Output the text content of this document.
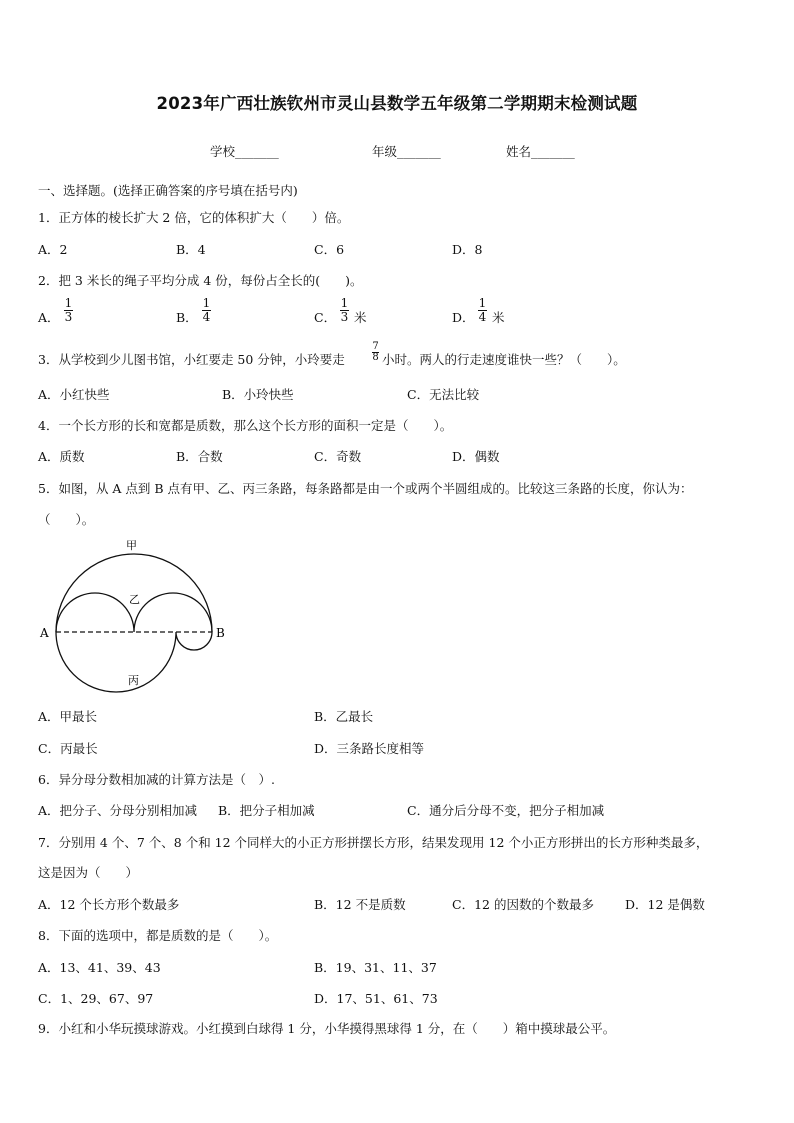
2023年广西壮族钦州市灵山县数学五年级第二学期期末检测试题
学校_______	年级_______	姓名_______
一、选择题。(选择正确答案的序号填在括号内)
1．正方体的棱长扩大 2 倍，它的体积扩大（　　）倍。
A．2	B．4	C．6	D．8
2．把 3 米长的绳子平均分成 4 份，每份占全长的(　　)。
A．
1
3	B．
1
4	C．
1
3 米	D．
1
4 米
3．从学校到少儿图书馆，小红要走 50 分钟，小玲要走
7
8 小时。两人的行走速度谁快一些？（　　）。
A．小红快些	B．小玲快些	C．无法比较
4．一个长方形的长和宽都是质数，那么这个长方形的面积一定是（　　）。
A．质数	B．合数	C．奇数	D．偶数
5．如图，从 A 点到 B 点有甲、乙、丙三条路，每条路都是由一个或两个半圆组成的。比较这三条路的长度，你认为：
（　　）。
A	B
甲
乙
丙
A．甲最长	B．乙最长
C．丙最长	D．三条路长度相等
6．异分母分数相加减的计算方法是（　）.
A．把分子、分母分别相加减 B．把分子相加减	C．通分后分母不变，把分子相加减
7．分别用 4 个、7 个、8 个和 12 个同样大的小正方形拼摆长方形，结果发现用 12 个小正方形拼出的长方形种类最多，
这是因为（　　）
A．12 个长方形个数最多	B．12 不是质数	C．12 的因数的个数最多 D．12 是偶数
8．下面的选项中，都是质数的是（　　）。
A．13、41、39、43	B．19、31、11、37
C．1、29、67、97	D．17、51、61、73
9．小红和小华玩摸球游戏。小红摸到白球得 1 分，小华摸得黑球得 1 分，在（　　）箱中摸球最公平。
